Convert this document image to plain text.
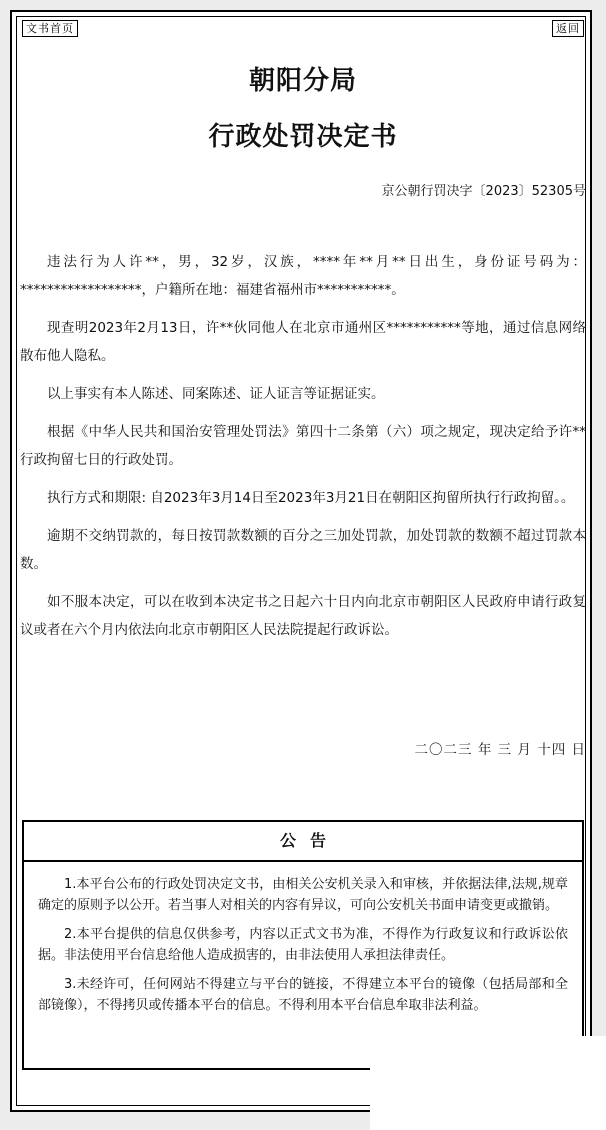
文书首页	返回
朝阳分局
行政处罚决定书
京公朝行罚决字〔2023〕52305号

违法行为人许**，男，32岁，汉族，****年**月**日出生，身份证号码为：******************，户籍所在地：福建省福州市***********。

现查明2023年2月13日，许**伙同他人在北京市通州区***********等地，通过信息网络散布他人隐私。

以上事实有本人陈述、同案陈述、证人证言等证据证实。

根据《中华人民共和国治安管理处罚法》第四十二条第（六）项之规定，现决定给予许**行政拘留七日的行政处罚。

执行方式和期限: 自2023年3月14日至2023年3月21日在朝阳区拘留所执行行政拘留。。

逾期不交纳罚款的，每日按罚款数额的百分之三加处罚款，加处罚款的数额不超过罚款本数。

如不服本决定，可以在收到本决定书之日起六十日内向北京市朝阳区人民政府申请行政复议或者在六个月内依法向北京市朝阳区人民法院提起行政诉讼。

二〇二三 年 三 月 十四 日
公告

1.本平台公布的行政处罚决定文书，由相关公安机关录入和审核，并依据法律,法规,规章确定的原则予以公开。若当事人对相关的内容有异议，可向公安机关书面申请变更或撤销。

2.本平台提供的信息仅供参考，内容以正式文书为准，不得作为行政复议和行政诉讼依据。非法使用平台信息给他人造成损害的，由非法使用人承担法律责任。

3.未经许可，任何网站不得建立与平台的链接，不得建立本平台的镜像（包括局部和全部镜像），不得拷贝或传播本平台的信息。不得利用本平台信息牟取非法利益。
